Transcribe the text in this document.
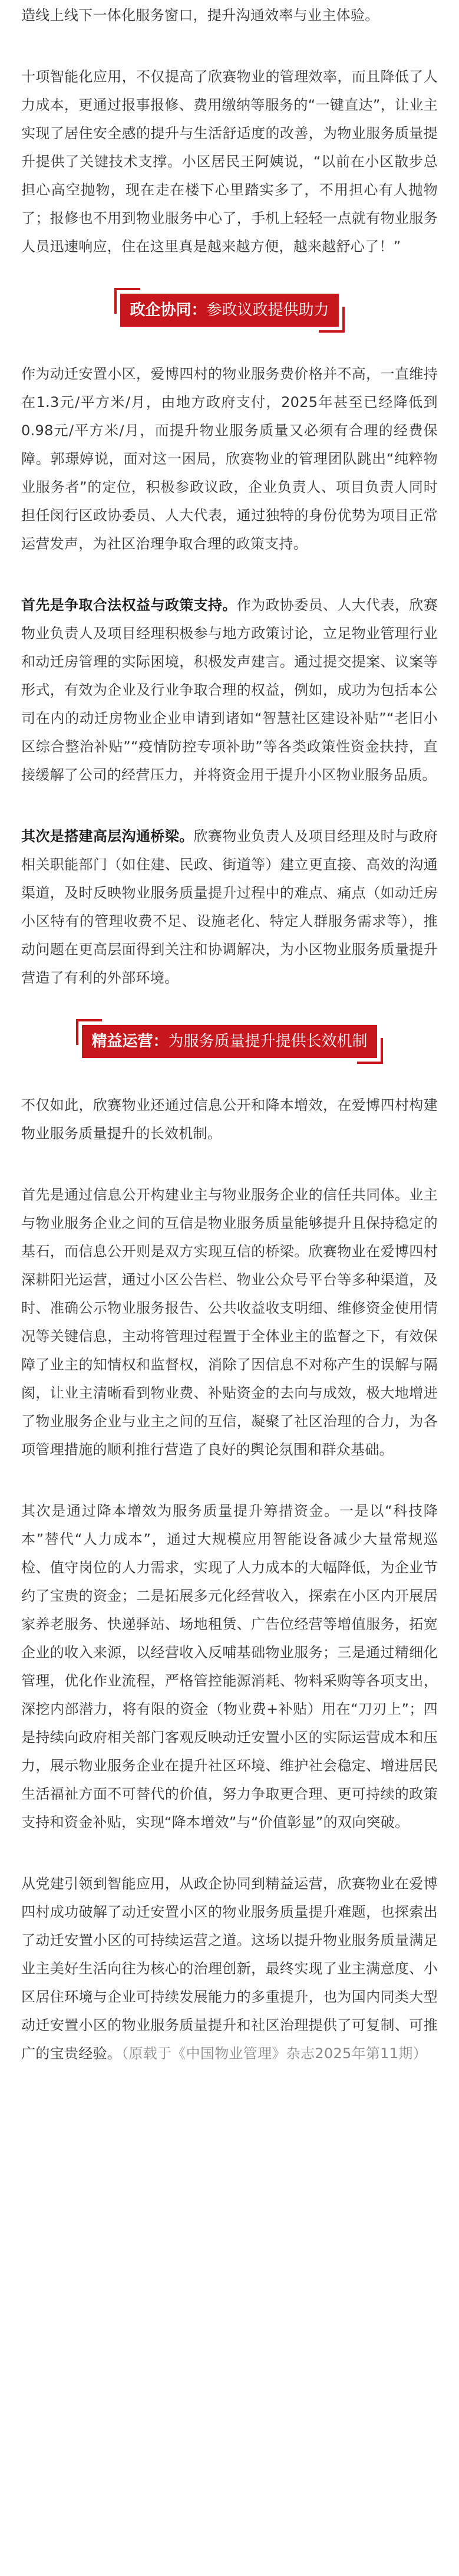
造线上线下一体化服务窗口，提升沟通效率与业主体验。

十项智能化应用，不仅提高了欣赛物业的管理效率，而且降低了人力成本，更通过报事报修、费用缴纳等服务的“一键直达”，让业主实现了居住安全感的提升与生活舒适度的改善，为物业服务质量提升提供了关键技术支撑。小区居民王阿姨说，“以前在小区散步总担心高空抛物，现在走在楼下心里踏实多了，不用担心有人抛物了；报修也不用到物业服务中心了，手机上轻轻一点就有物业服务人员迅速响应，住在这里真是越来越方便，越来越舒心了！”

政企协同：参政议政提供助力

作为动迁安置小区，爱博四村的物业服务费价格并不高，一直维持在1.3元/平方米/月，由地方政府支付，2025年甚至已经降低到0.98元/平方米/月，而提升物业服务质量又必须有合理的经费保障。郭璟婷说，面对这一困局，欣赛物业的管理团队跳出“纯粹物业服务者”的定位，积极参政议政，企业负责人、项目负责人同时担任闵行区政协委员、人大代表，通过独特的身份优势为项目正常运营发声，为社区治理争取合理的政策支持。

首先是争取合法权益与政策支持。作为政协委员、人大代表，欣赛物业负责人及项目经理积极参与地方政策讨论，立足物业管理行业和动迁房管理的实际困境，积极发声建言。通过提交提案、议案等形式，有效为企业及行业争取合理的权益，例如，成功为包括本公司在内的动迁房物业企业申请到诸如“智慧社区建设补贴”“老旧小区综合整治补贴”“疫情防控专项补助”等各类政策性资金扶持，直接缓解了公司的经营压力，并将资金用于提升小区物业服务品质。

其次是搭建高层沟通桥梁。欣赛物业负责人及项目经理及时与政府相关职能部门（如住建、民政、街道等）建立更直接、高效的沟通渠道，及时反映物业服务质量提升过程中的难点、痛点（如动迁房小区特有的管理收费不足、设施老化、特定人群服务需求等），推动问题在更高层面得到关注和协调解决，为小区物业服务质量提升营造了有利的外部环境。

精益运营：为服务质量提升提供长效机制

不仅如此，欣赛物业还通过信息公开和降本增效，在爱博四村构建物业服务质量提升的长效机制。

首先是通过信息公开构建业主与物业服务企业的信任共同体。业主与物业服务企业之间的互信是物业服务质量能够提升且保持稳定的基石，而信息公开则是双方实现互信的桥梁。欣赛物业在爱博四村深耕阳光运营，通过小区公告栏、物业公众号平台等多种渠道，及时、准确公示物业服务报告、公共收益收支明细、维修资金使用情况等关键信息，主动将管理过程置于全体业主的监督之下，有效保障了业主的知情权和监督权，消除了因信息不对称产生的误解与隔阂，让业主清晰看到物业费、补贴资金的去向与成效，极大地增进了物业服务企业与业主之间的互信，凝聚了社区治理的合力，为各项管理措施的顺利推行营造了良好的舆论氛围和群众基础。

其次是通过降本增效为服务质量提升筹措资金。一是以“科技降本”替代“人力成本”，通过大规模应用智能设备减少大量常规巡检、值守岗位的人力需求，实现了人力成本的大幅降低，为企业节约了宝贵的资金；二是拓展多元化经营收入，探索在小区内开展居家养老服务、快递驿站、场地租赁、广告位经营等增值服务，拓宽企业的收入来源，以经营收入反哺基础物业服务；三是通过精细化管理，优化作业流程，严格管控能源消耗、物料采购等各项支出，深挖内部潜力，将有限的资金（物业费+补贴）用在“刀刃上”；四是持续向政府相关部门客观反映动迁安置小区的实际运营成本和压力，展示物业服务企业在提升社区环境、维护社会稳定、增进居民生活福祉方面不可替代的价值，努力争取更合理、更可持续的政策支持和资金补贴，实现“降本增效”与“价值彰显”的双向突破。

从党建引领到智能应用，从政企协同到精益运营，欣赛物业在爱博四村成功破解了动迁安置小区的物业服务质量提升难题，也探索出了动迁安置小区的可持续运营之道。这场以提升物业服务质量满足业主美好生活向往为核心的治理创新，最终实现了业主满意度、小区居住环境与企业可持续发展能力的多重提升，也为国内同类大型动迁安置小区的物业服务质量提升和社区治理提供了可复制、可推广的宝贵经验。（原载于《中国物业管理》杂志2025年第11期）
